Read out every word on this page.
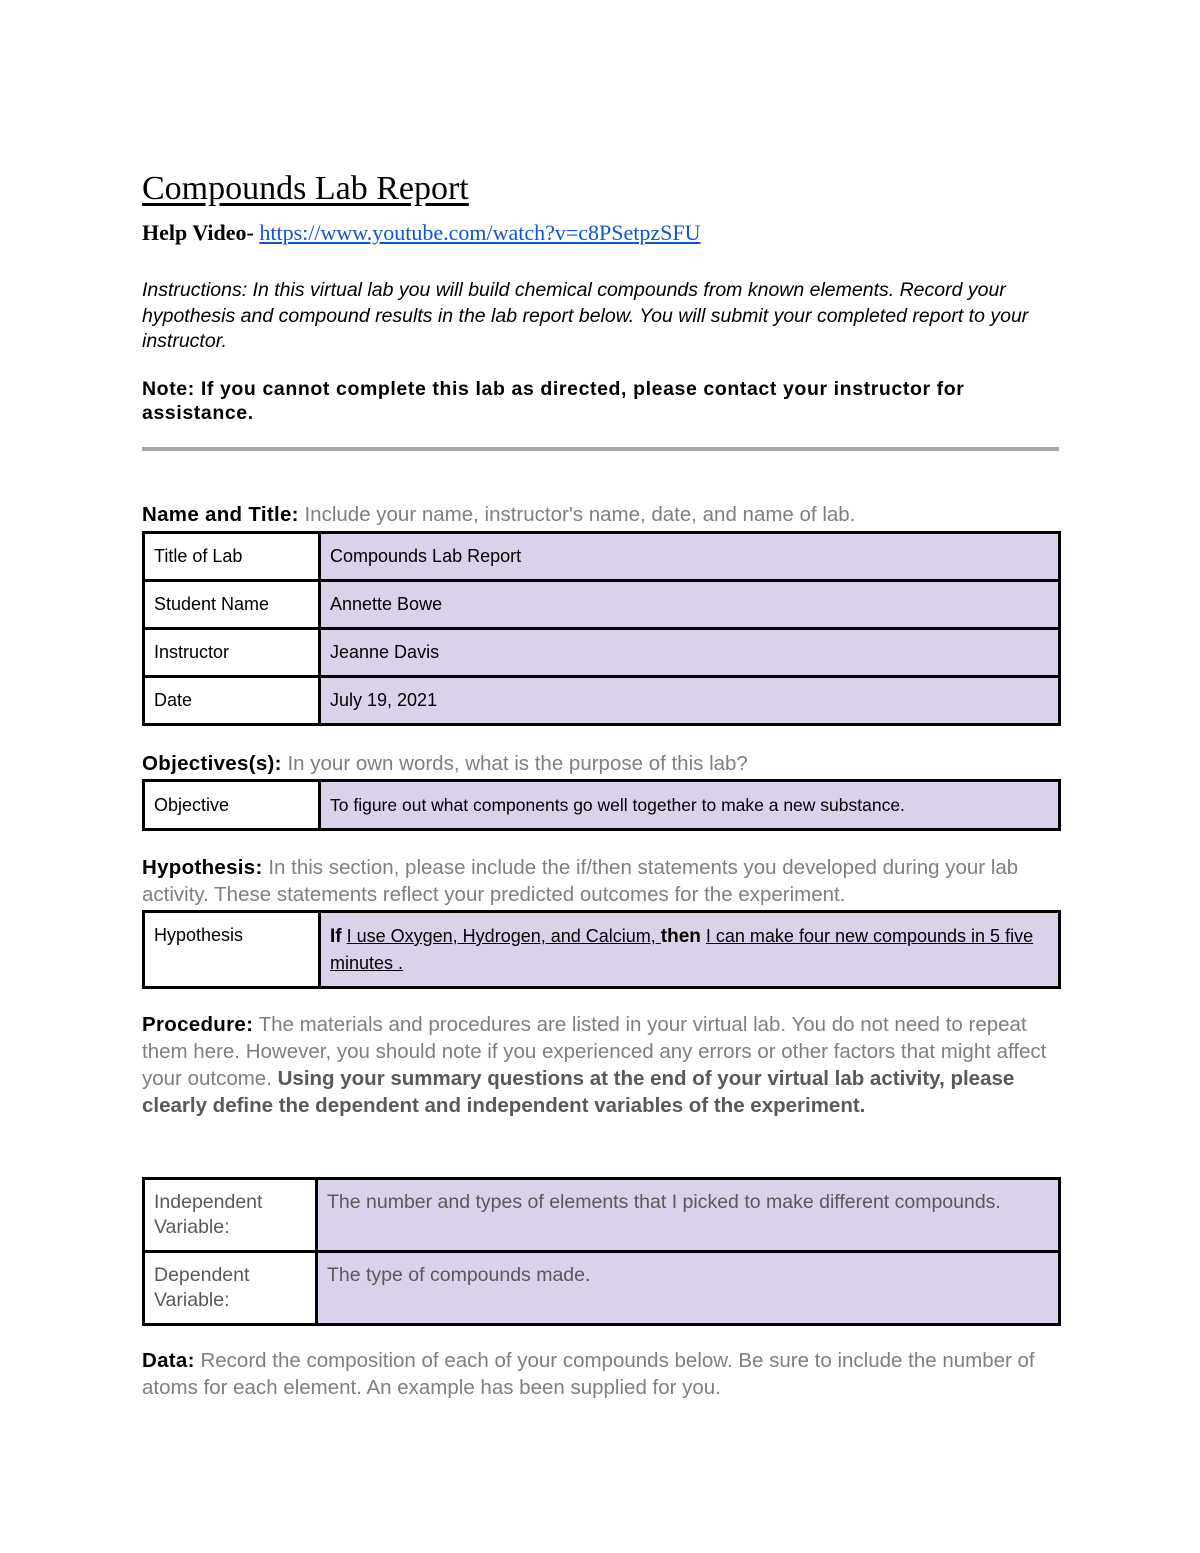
Compounds Lab Report
Help Video- https://www.youtube.com/watch?v=c8PSetpzSFU
Instructions: In this virtual lab you will build chemical compounds from known elements. Record your hypothesis and compound results in the lab report below. You will submit your completed report to your instructor.
Note: If you cannot complete this lab as directed, please contact your instructor for assistance.
Name and Title: Include your name, instructor's name, date, and name of lab.
Title of Lab	Compounds Lab Report
Student Name	Annette Bowe
Instructor	Jeanne Davis
Date	July 19, 2021
Objectives(s): In your own words, what is the purpose of this lab?
Objective	To figure out what components go well together to make a new substance.
Hypothesis: In this section, please include the if/then statements you developed during your lab activity. These statements reflect your predicted outcomes for the experiment.
Hypothesis	If I use Oxygen, Hydrogen, and Calcium, then I can make four new compounds in 5 five minutes .
Procedure: The materials and procedures are listed in your virtual lab. You do not need to repeat them here. However, you should note if you experienced any errors or other factors that might affect your outcome. Using your summary questions at the end of your virtual lab activity, please clearly define the dependent and independent variables of the experiment.
Independent Variable:	The number and types of elements that I picked to make different compounds.
Dependent Variable:	The type of compounds made.
Data: Record the composition of each of your compounds below. Be sure to include the number of atoms for each element. An example has been supplied for you.
